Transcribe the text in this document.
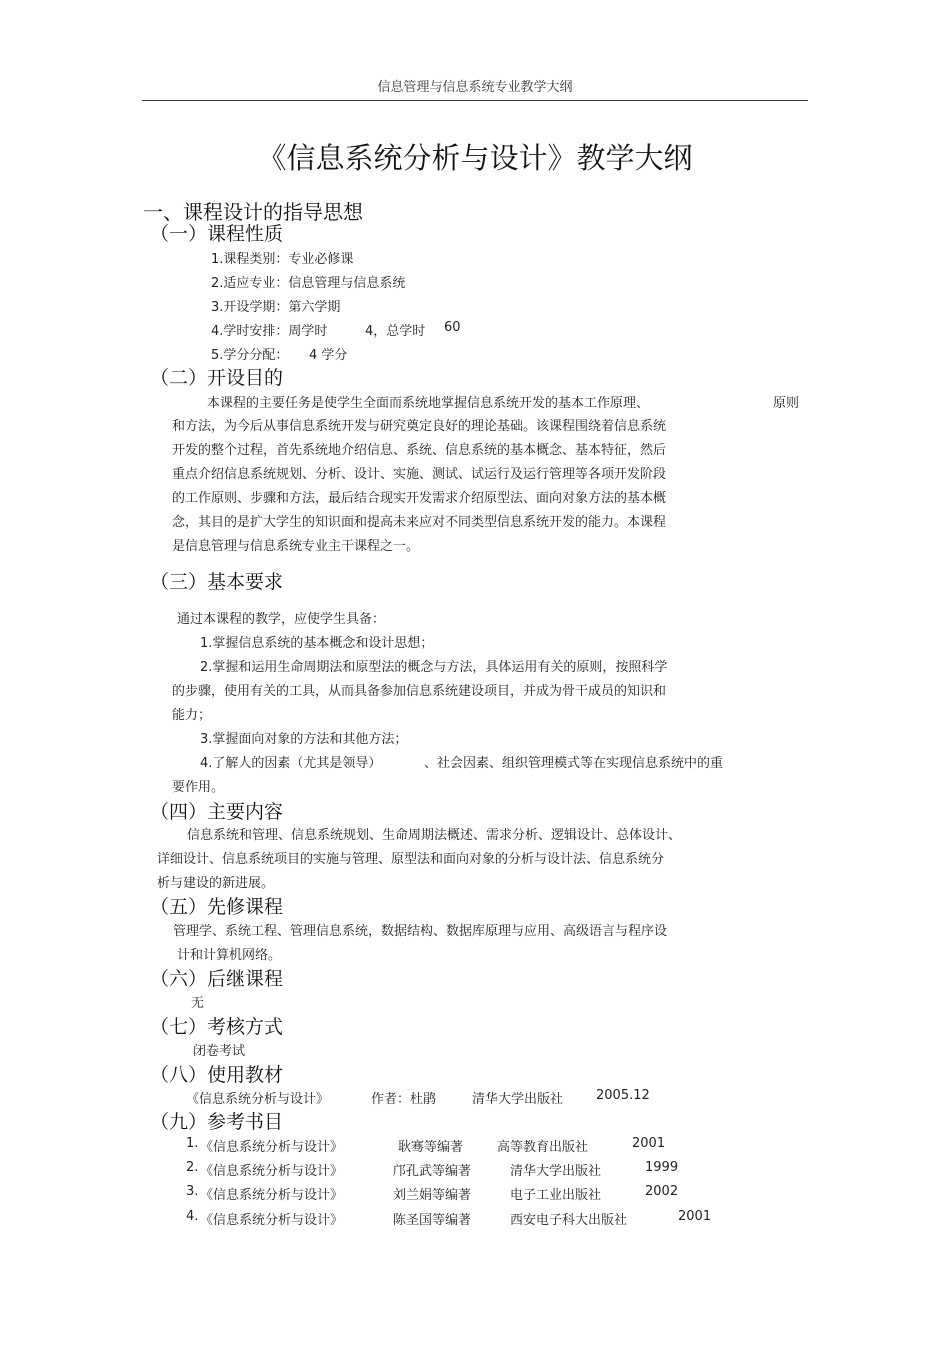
信息管理与信息系统专业教学大纲
《信息系统分析与设计》教学大纲
一、课程设计的指导思想
（一）课程性质
1.课程类别：专业必修课
2.适应专业：信息管理与信息系统
3.开设学期：第六学期
4.学时安排：周学时	4，总学时 60
5.学分分配： 4 学分
（二）开设目的
本课程的主要任务是使学生全面而系统地掌握信息系统开发的基本工作原理、	原则
和方法，为今后从事信息系统开发与研究奠定良好的理论基础。该课程围绕着信息系统
开发的整个过程，首先系统地介绍信息、系统、信息系统的基本概念、基本特征，然后
重点介绍信息系统规划、分析、设计、实施、测试、试运行及运行管理等各项开发阶段
的工作原则、步骤和方法，最后结合现实开发需求介绍原型法、面向对象方法的基本概
念，其目的是扩大学生的知识面和提高未来应对不同类型信息系统开发的能力。本课程
是信息管理与信息系统专业主干课程之一。
（三）基本要求
通过本课程的教学，应使学生具备：
1.掌握信息系统的基本概念和设计思想；
2.掌握和运用生命周期法和原型法的概念与方法，具体运用有关的原则，按照科学
的步骤，使用有关的工具，从而具备参加信息系统建设项目，并成为骨干成员的知识和
能力；
3.掌握面向对象的方法和其他方法；
4.了解人的因素（尤其是领导）	、社会因素、组织管理模式等在实现信息系统中的重
要作用。
（四）主要内容
信息系统和管理、信息系统规划、生命周期法概述、需求分析、逻辑设计、总体设计、
详细设计、信息系统项目的实施与管理、原型法和面向对象的分析与设计法、信息系统分
析与建设的新进展。
（五）先修课程
管理学、系统工程、管理信息系统，数据结构、数据库原理与应用、高级语言与程序设
计和计算机网络。
（六）后继课程
无
（七）考核方式
闭卷考试
（八）使用教材
《信息系统分析与设计》	作者：杜鹃	清华大学出版社	2005.12
（九）参考书目
1. 《信息系统分析与设计》	耿骞等编著	高等教育出版社	2001
2. 《信息系统分析与设计》	邝孔武等编著	清华大学出版社	1999
3. 《信息系统分析与设计》	刘兰娟等编著	电子工业出版社	2002
4. 《信息系统分析与设计》	陈圣国等编著	西安电子科大出版社	2001
